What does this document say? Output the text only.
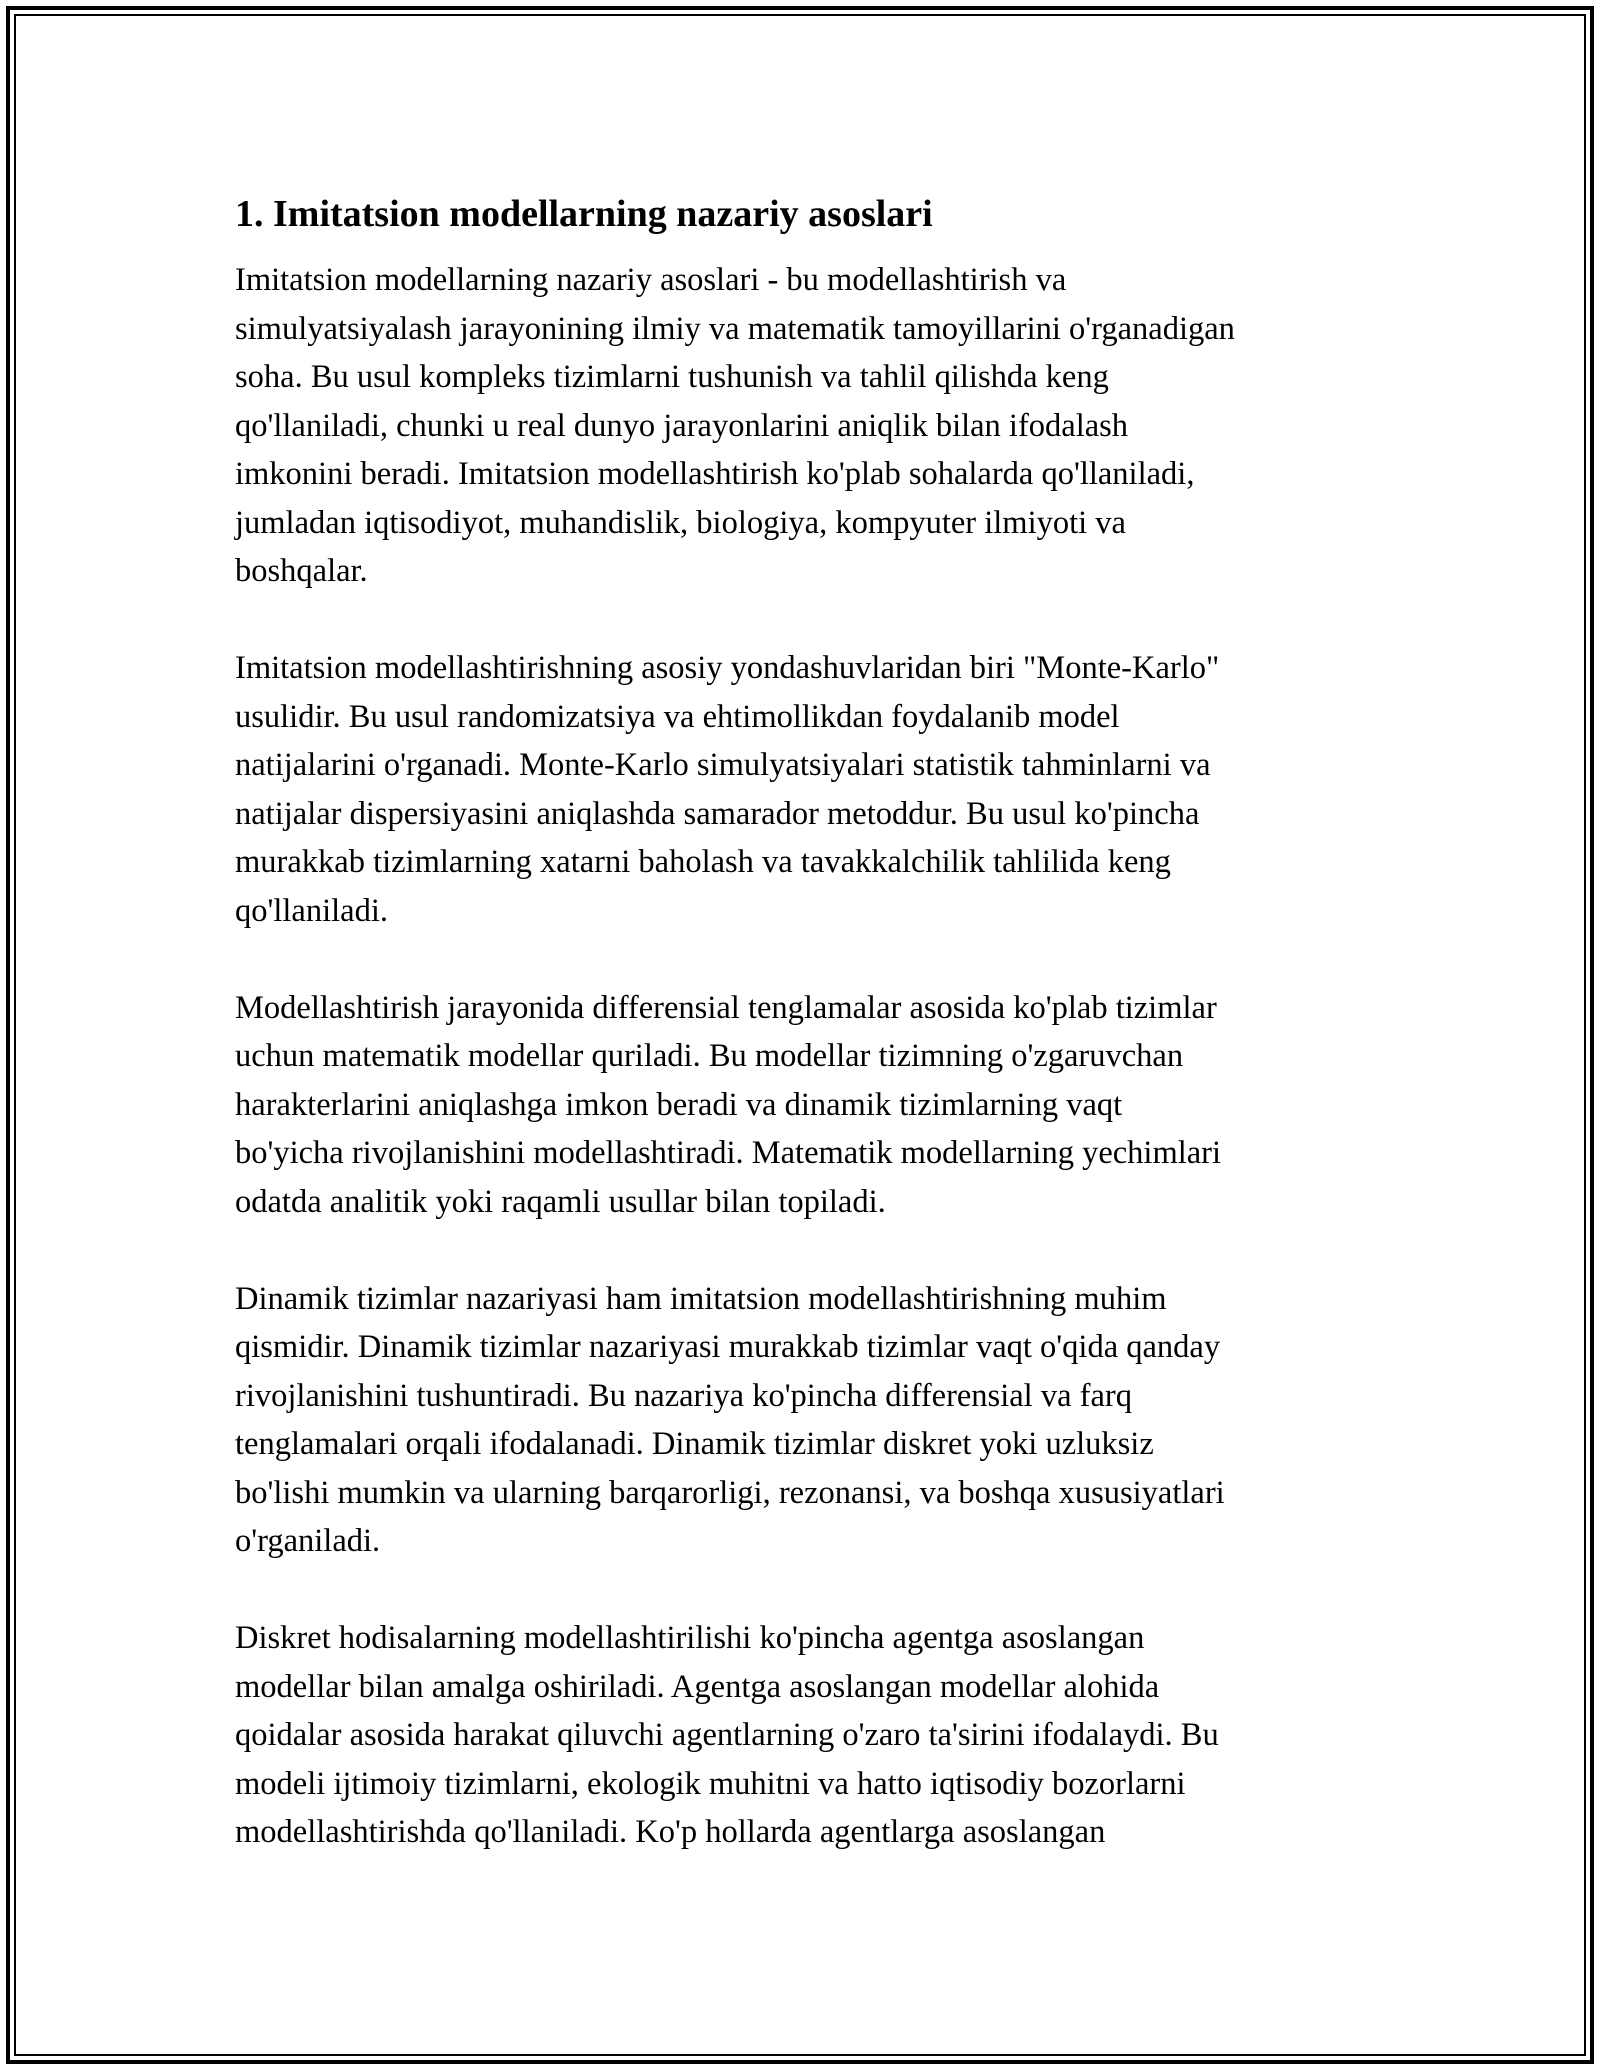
1. Imitatsion modellarning nazariy asoslari
Imitatsion modellarning nazariy asoslari - bu modellashtirish va
simulyatsiyalash jarayonining ilmiy va matematik tamoyillarini o'rganadigan
soha. Bu usul kompleks tizimlarni tushunish va tahlil qilishda keng
qo'llaniladi, chunki u real dunyo jarayonlarini aniqlik bilan ifodalash
imkonini beradi. Imitatsion modellashtirish ko'plab sohalarda qo'llaniladi,
jumladan iqtisodiyot, muhandislik, biologiya, kompyuter ilmiyoti va
boshqalar.
Imitatsion modellashtirishning asosiy yondashuvlaridan biri "Monte-Karlo"
usulidir. Bu usul randomizatsiya va ehtimollikdan foydalanib model
natijalarini o'rganadi. Monte-Karlo simulyatsiyalari statistik tahminlarni va
natijalar dispersiyasini aniqlashda samarador metoddur. Bu usul ko'pincha
murakkab tizimlarning xatarni baholash va tavakkalchilik tahlilida keng
qo'llaniladi.
Modellashtirish jarayonida differensial tenglamalar asosida ko'plab tizimlar
uchun matematik modellar quriladi. Bu modellar tizimning o'zgaruvchan
harakterlarini aniqlashga imkon beradi va dinamik tizimlarning vaqt
bo'yicha rivojlanishini modellashtiradi. Matematik modellarning yechimlari
odatda analitik yoki raqamli usullar bilan topiladi.
Dinamik tizimlar nazariyasi ham imitatsion modellashtirishning muhim
qismidir. Dinamik tizimlar nazariyasi murakkab tizimlar vaqt o'qida qanday
rivojlanishini tushuntiradi. Bu nazariya ko'pincha differensial va farq
tenglamalari orqali ifodalanadi. Dinamik tizimlar diskret yoki uzluksiz
bo'lishi mumkin va ularning barqarorligi, rezonansi, va boshqa xususiyatlari
o'rganiladi.
Diskret hodisalarning modellashtirilishi ko'pincha agentga asoslangan
modellar bilan amalga oshiriladi. Agentga asoslangan modellar alohida
qoidalar asosida harakat qiluvchi agentlarning o'zaro ta'sirini ifodalaydi. Bu
modeli ijtimoiy tizimlarni, ekologik muhitni va hatto iqtisodiy bozorlarni
modellashtirishda qo'llaniladi. Ko'p hollarda agentlarga asoslangan
